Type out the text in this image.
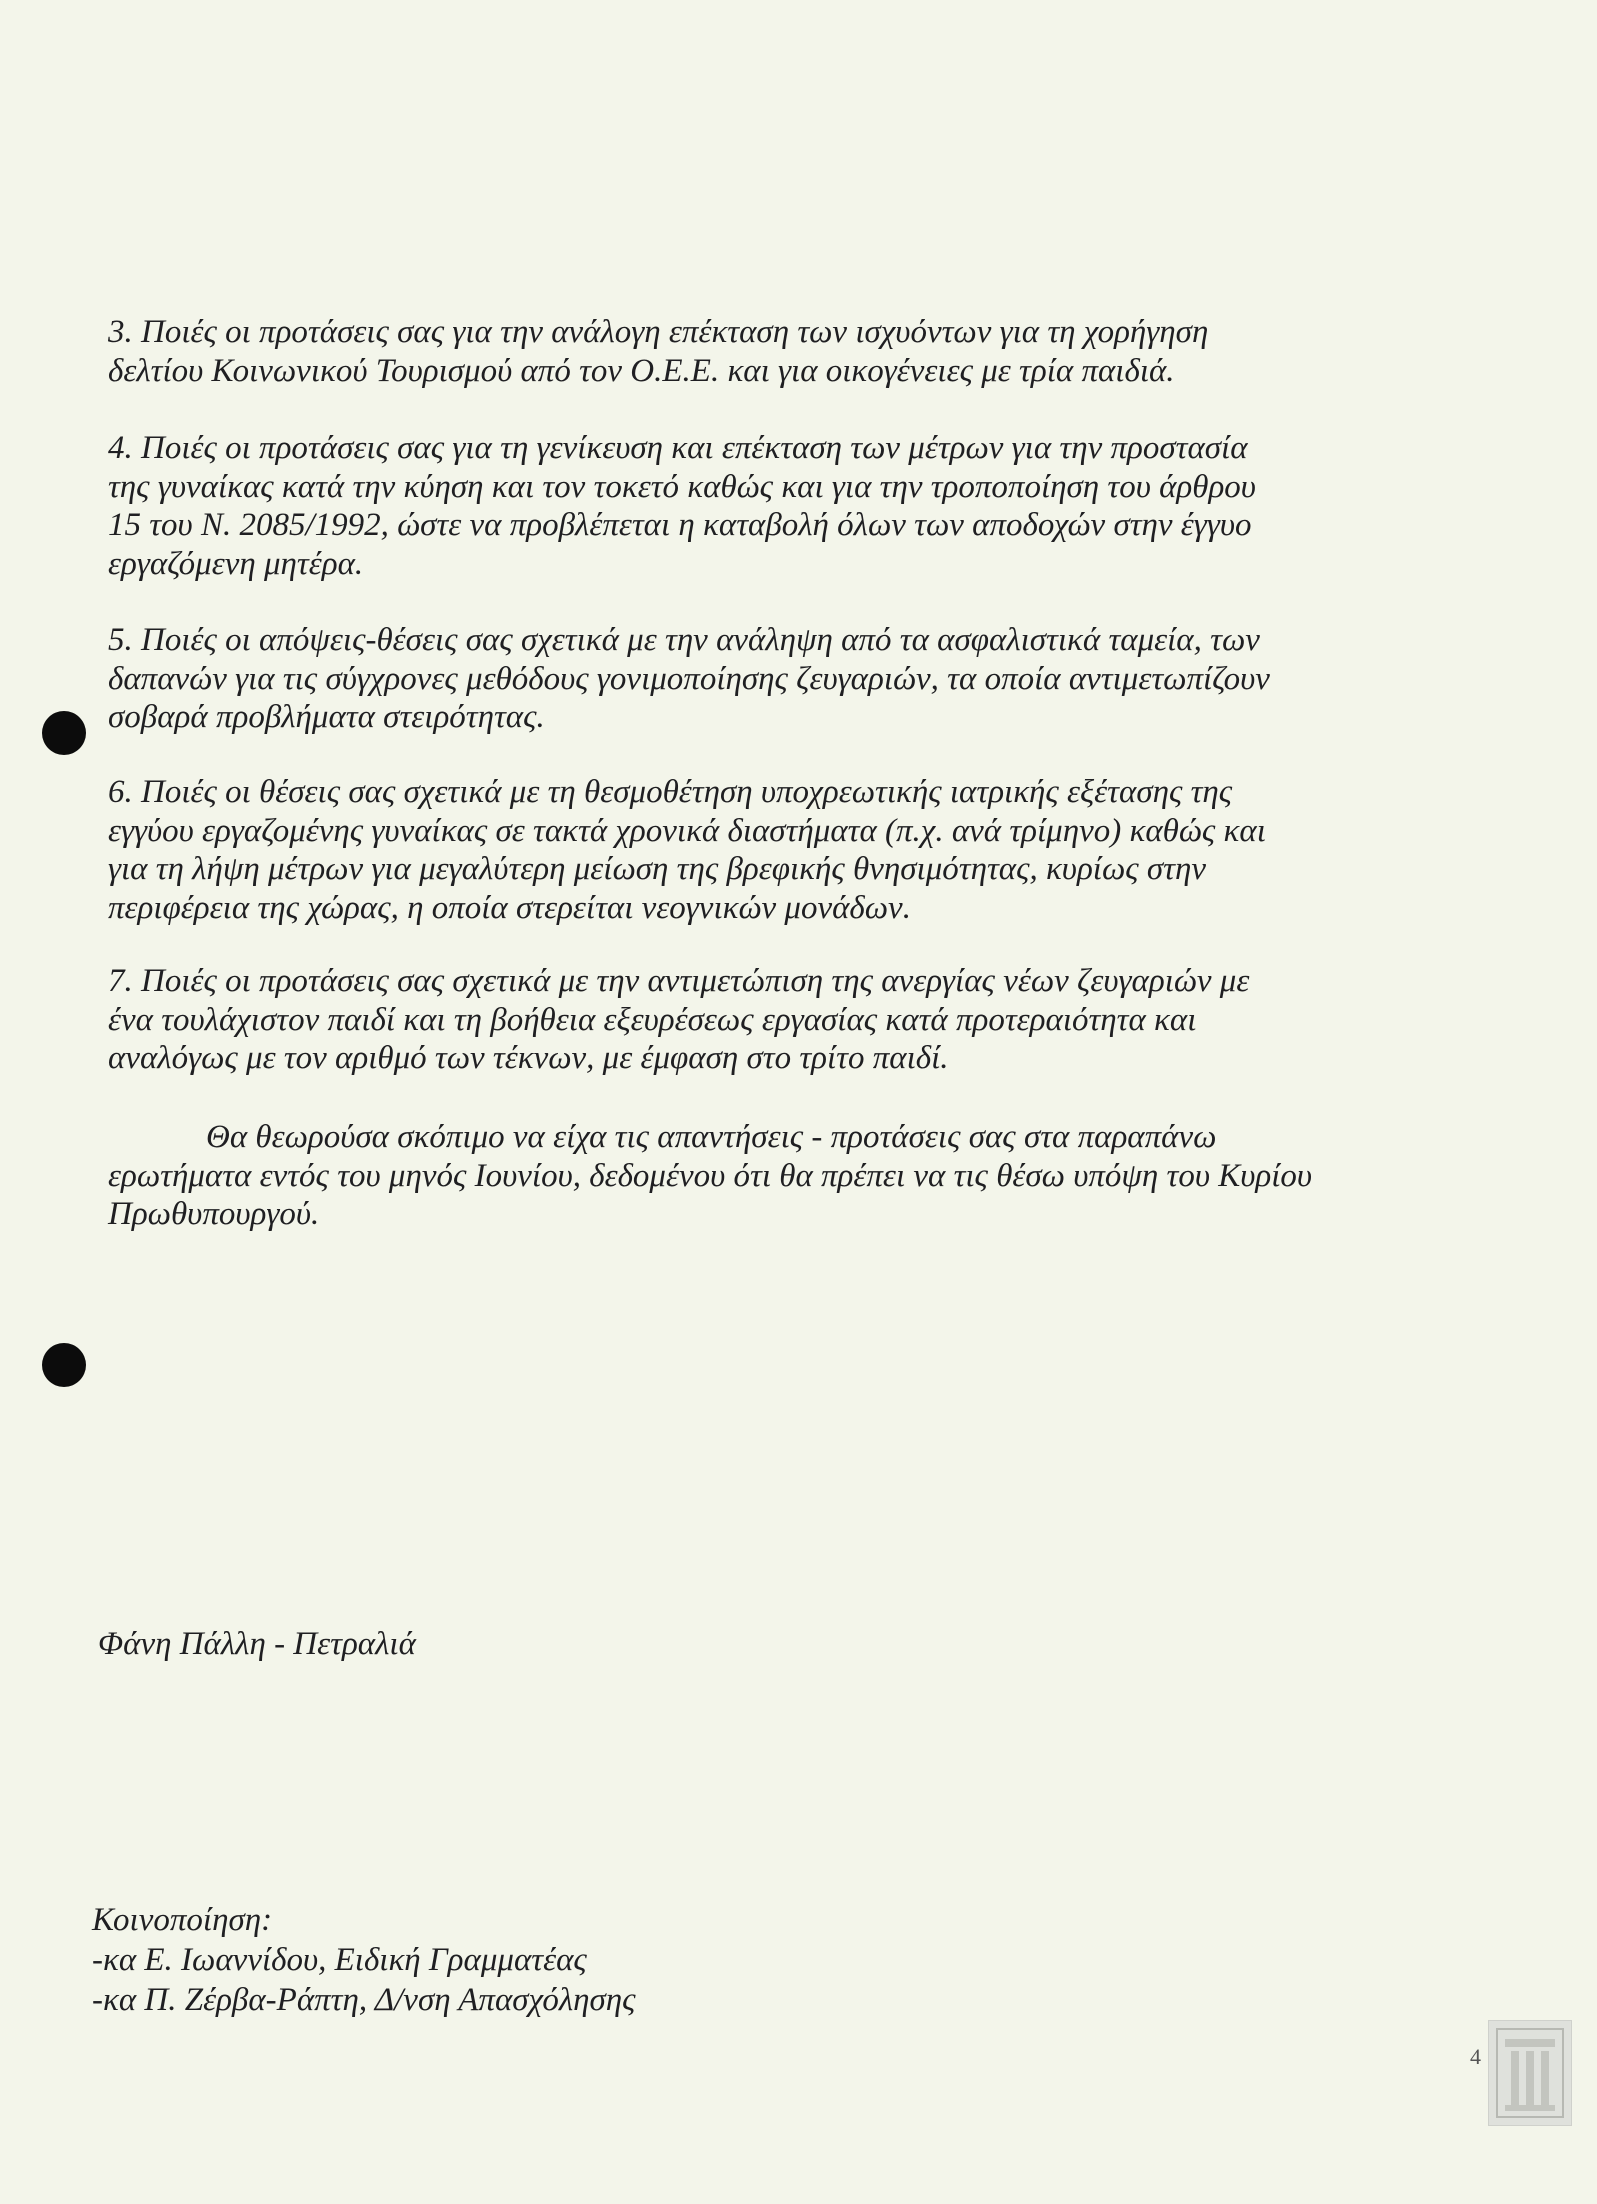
3. Ποιές οι προτάσεις σας για την ανάλογη επέκταση των ισχυόντων για τη χορήγηση
δελτίου Κοινωνικού Τουρισμού από τον Ο.Ε.Ε. και για οικογένειες με τρία παιδιά.
4. Ποιές οι προτάσεις σας για τη γενίκευση και επέκταση των μέτρων για την προστασία
της γυναίκας κατά την κύηση και τον τοκετό καθώς και για την τροποποίηση του άρθρου
15 του Ν. 2085/1992, ώστε να προβλέπεται η καταβολή όλων των αποδοχών στην έγγυο
εργαζόμενη μητέρα.
5. Ποιές οι απόψεις-θέσεις σας σχετικά με την ανάληψη από τα ασφαλιστικά ταμεία, των
δαπανών για τις σύγχρονες μεθόδους γονιμοποίησης ζευγαριών, τα οποία αντιμετωπίζουν
σοβαρά προβλήματα στειρότητας.
6. Ποιές οι θέσεις σας σχετικά με τη θεσμοθέτηση υποχρεωτικής ιατρικής εξέτασης της
εγγύου εργαζομένης γυναίκας σε τακτά χρονικά διαστήματα (π.χ. ανά τρίμηνο) καθώς και
για τη λήψη μέτρων για μεγαλύτερη μείωση της βρεφικής θνησιμότητας, κυρίως στην
περιφέρεια της χώρας, η οποία στερείται νεογνικών μονάδων.
7. Ποιές οι προτάσεις σας σχετικά με την αντιμετώπιση της ανεργίας νέων ζευγαριών με
ένα τουλάχιστον παιδί και τη βοήθεια εξευρέσεως εργασίας κατά προτεραιότητα και
αναλόγως με τον αριθμό των τέκνων, με έμφαση στο τρίτο παιδί.
Θα θεωρούσα σκόπιμο να είχα τις απαντήσεις - προτάσεις σας στα παραπάνω
ερωτήματα εντός του μηνός Ιουνίου, δεδομένου ότι θα πρέπει να τις θέσω υπόψη του Κυρίου
Πρωθυπουργού.
Φάνη Πάλλη - Πετραλιά
Κοινοποίηση:
-κα Ε. Ιωαννίδου, Ειδική Γραμματέας
-κα Π. Ζέρβα-Ράπτη, Δ/νση Απασχόλησης
4
